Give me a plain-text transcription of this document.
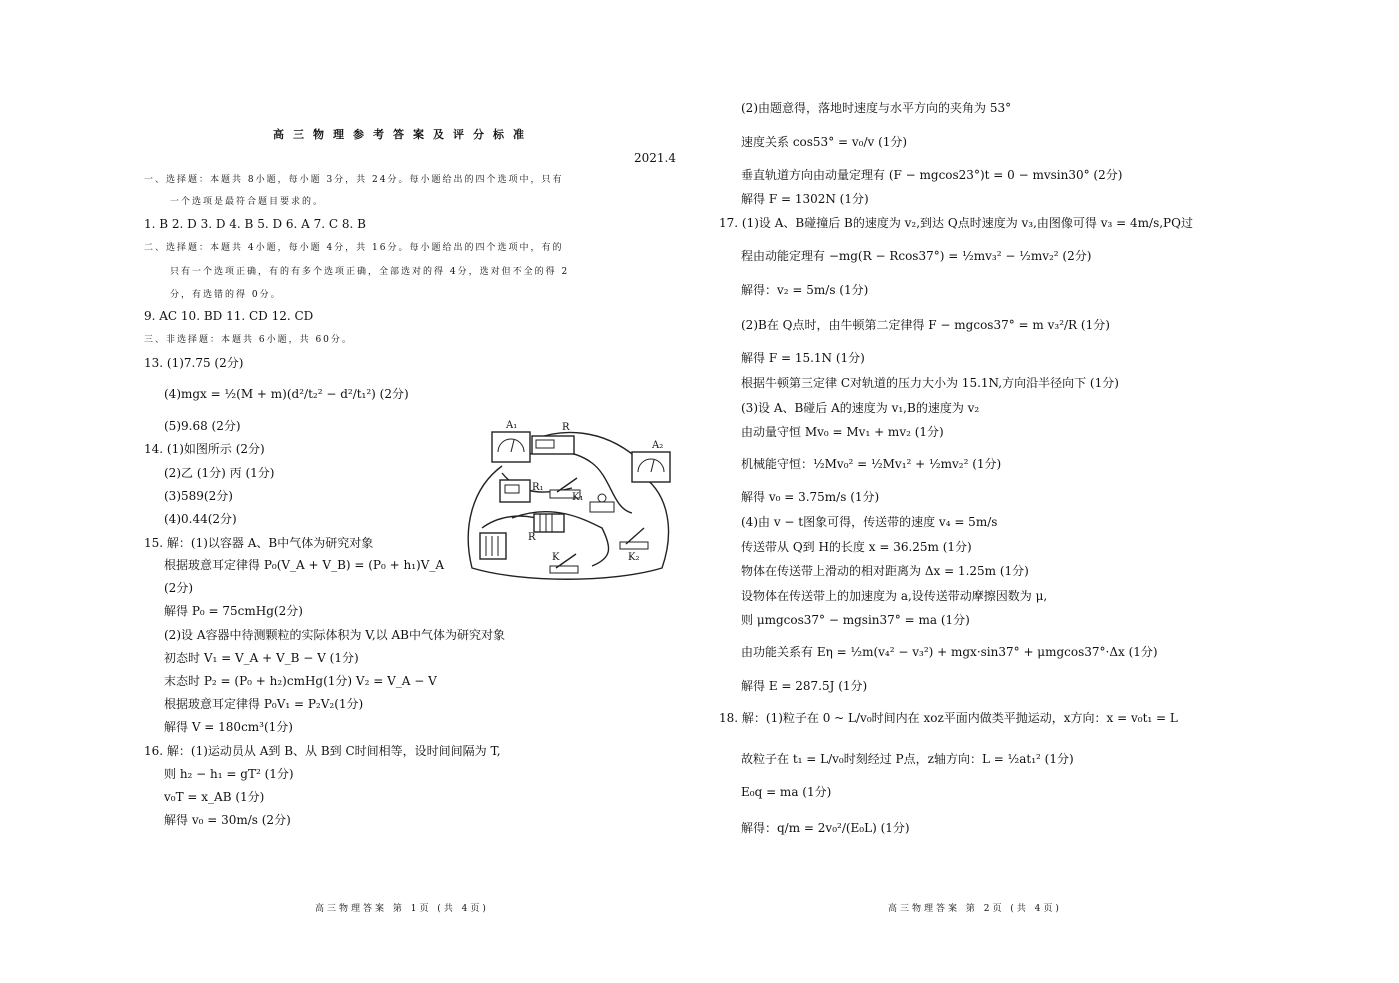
高三物理参考答案及评分标准
2021.4
一、选择题：本题共 8小题，每小题 3分，共 24分。每小题给出的四个选项中，只有
一个选项是最符合题目要求的。
1. B 2. D 3. D 4. B 5. D 6. A 7. C 8. B
二、选择题：本题共 4小题，每小题 4分，共 16分。每小题给出的四个选项中，有的
只有一个选项正确，有的有多个选项正确，全部选对的得 4分，选对但不全的得 2
分，有选错的得 0分。
9. AC 10. BD 11. CD 12. CD
三、非选择题：本题共 6小题，共 60分。
13. (1)7.75 (2分)
(4)mgx = ½(M + m)(d²/t₂² − d²/t₁²) (2分)
(5)9.68 (2分)
14. (1)如图所示 (2分)
(2)乙 (1分) 丙 (1分)
(3)589(2分)
(4)0.44(2分)
15. 解：(1)以容器 A、B中气体为研究对象
根据玻意耳定律得 P₀(V_A + V_B) = (P₀ + h₁)V_A
(2分)
解得 P₀ = 75cmHg(2分)
(2)设 A容器中待测颗粒的实际体积为 V,以 AB中气体为研究对象
初态时 V₁ = V_A + V_B − V (1分)
末态时 P₂ = (P₀ + h₂)cmHg(1分) V₂ = V_A − V
根据玻意耳定律得 P₀V₁ = P₂V₂(1分)
解得 V = 180cm³(1分)
16. 解：(1)运动员从 A到 B、从 B到 C时间相等，设时间间隔为 T,
则 h₂ − h₁ = gT² (1分)
v₀T = x_AB (1分)
解得 v₀ = 30m/s (2分)
高三物理答案 第 1页 (共 4页)
A₁	R
A₂
R₁
K₁
R
K	K₂
(2)由题意得，落地时速度与水平方向的夹角为 53°
速度关系 cos53° = v₀/v (1分)
垂直轨道方向由动量定理有 (F − mgcos23°)t = 0 − mvsin30° (2分)
解得 F = 1302N (1分)
17. (1)设 A、B碰撞后 B的速度为 v₂,到达 Q点时速度为 v₃,由图像可得 v₃ = 4m/s,PQ过
程由动能定理有 −mg(R − Rcos37°) = ½mv₃² − ½mv₂² (2分)
解得：v₂ = 5m/s (1分)
(2)B在 Q点时，由牛顿第二定律得 F − mgcos37° = m v₃²/R (1分)
解得 F = 15.1N (1分)
根据牛顿第三定律 C对轨道的压力大小为 15.1N,方向沿半径向下 (1分)
(3)设 A、B碰后 A的速度为 v₁,B的速度为 v₂
由动量守恒 Mv₀ = Mv₁ + mv₂ (1分)
机械能守恒：½Mv₀² = ½Mv₁² + ½mv₂² (1分)
解得 v₀ = 3.75m/s (1分)
(4)由 v − t图象可得，传送带的速度 v₄ = 5m/s
传送带从 Q到 H的长度 x = 36.25m (1分)
物体在传送带上滑动的相对距离为 Δx = 1.25m (1分)
设物体在传送带上的加速度为 a,设传送带动摩擦因数为 μ,
则 μmgcos37° − mgsin37° = ma (1分)
由功能关系有 Eη = ½m(v₄² − v₃²) + mgx·sin37° + μmgcos37°·Δx (1分)
解得 E = 287.5J (1分)
18. 解：(1)粒子在 0 ~ L/v₀时间内在 xoz平面内做类平抛运动，x方向：x = v₀t₁ = L
故粒子在 t₁ = L/v₀时刻经过 P点，z轴方向：L = ½at₁² (1分)
E₀q = ma (1分)
解得：q/m = 2v₀²/(E₀L) (1分)
高三物理答案 第 2页 (共 4页)
